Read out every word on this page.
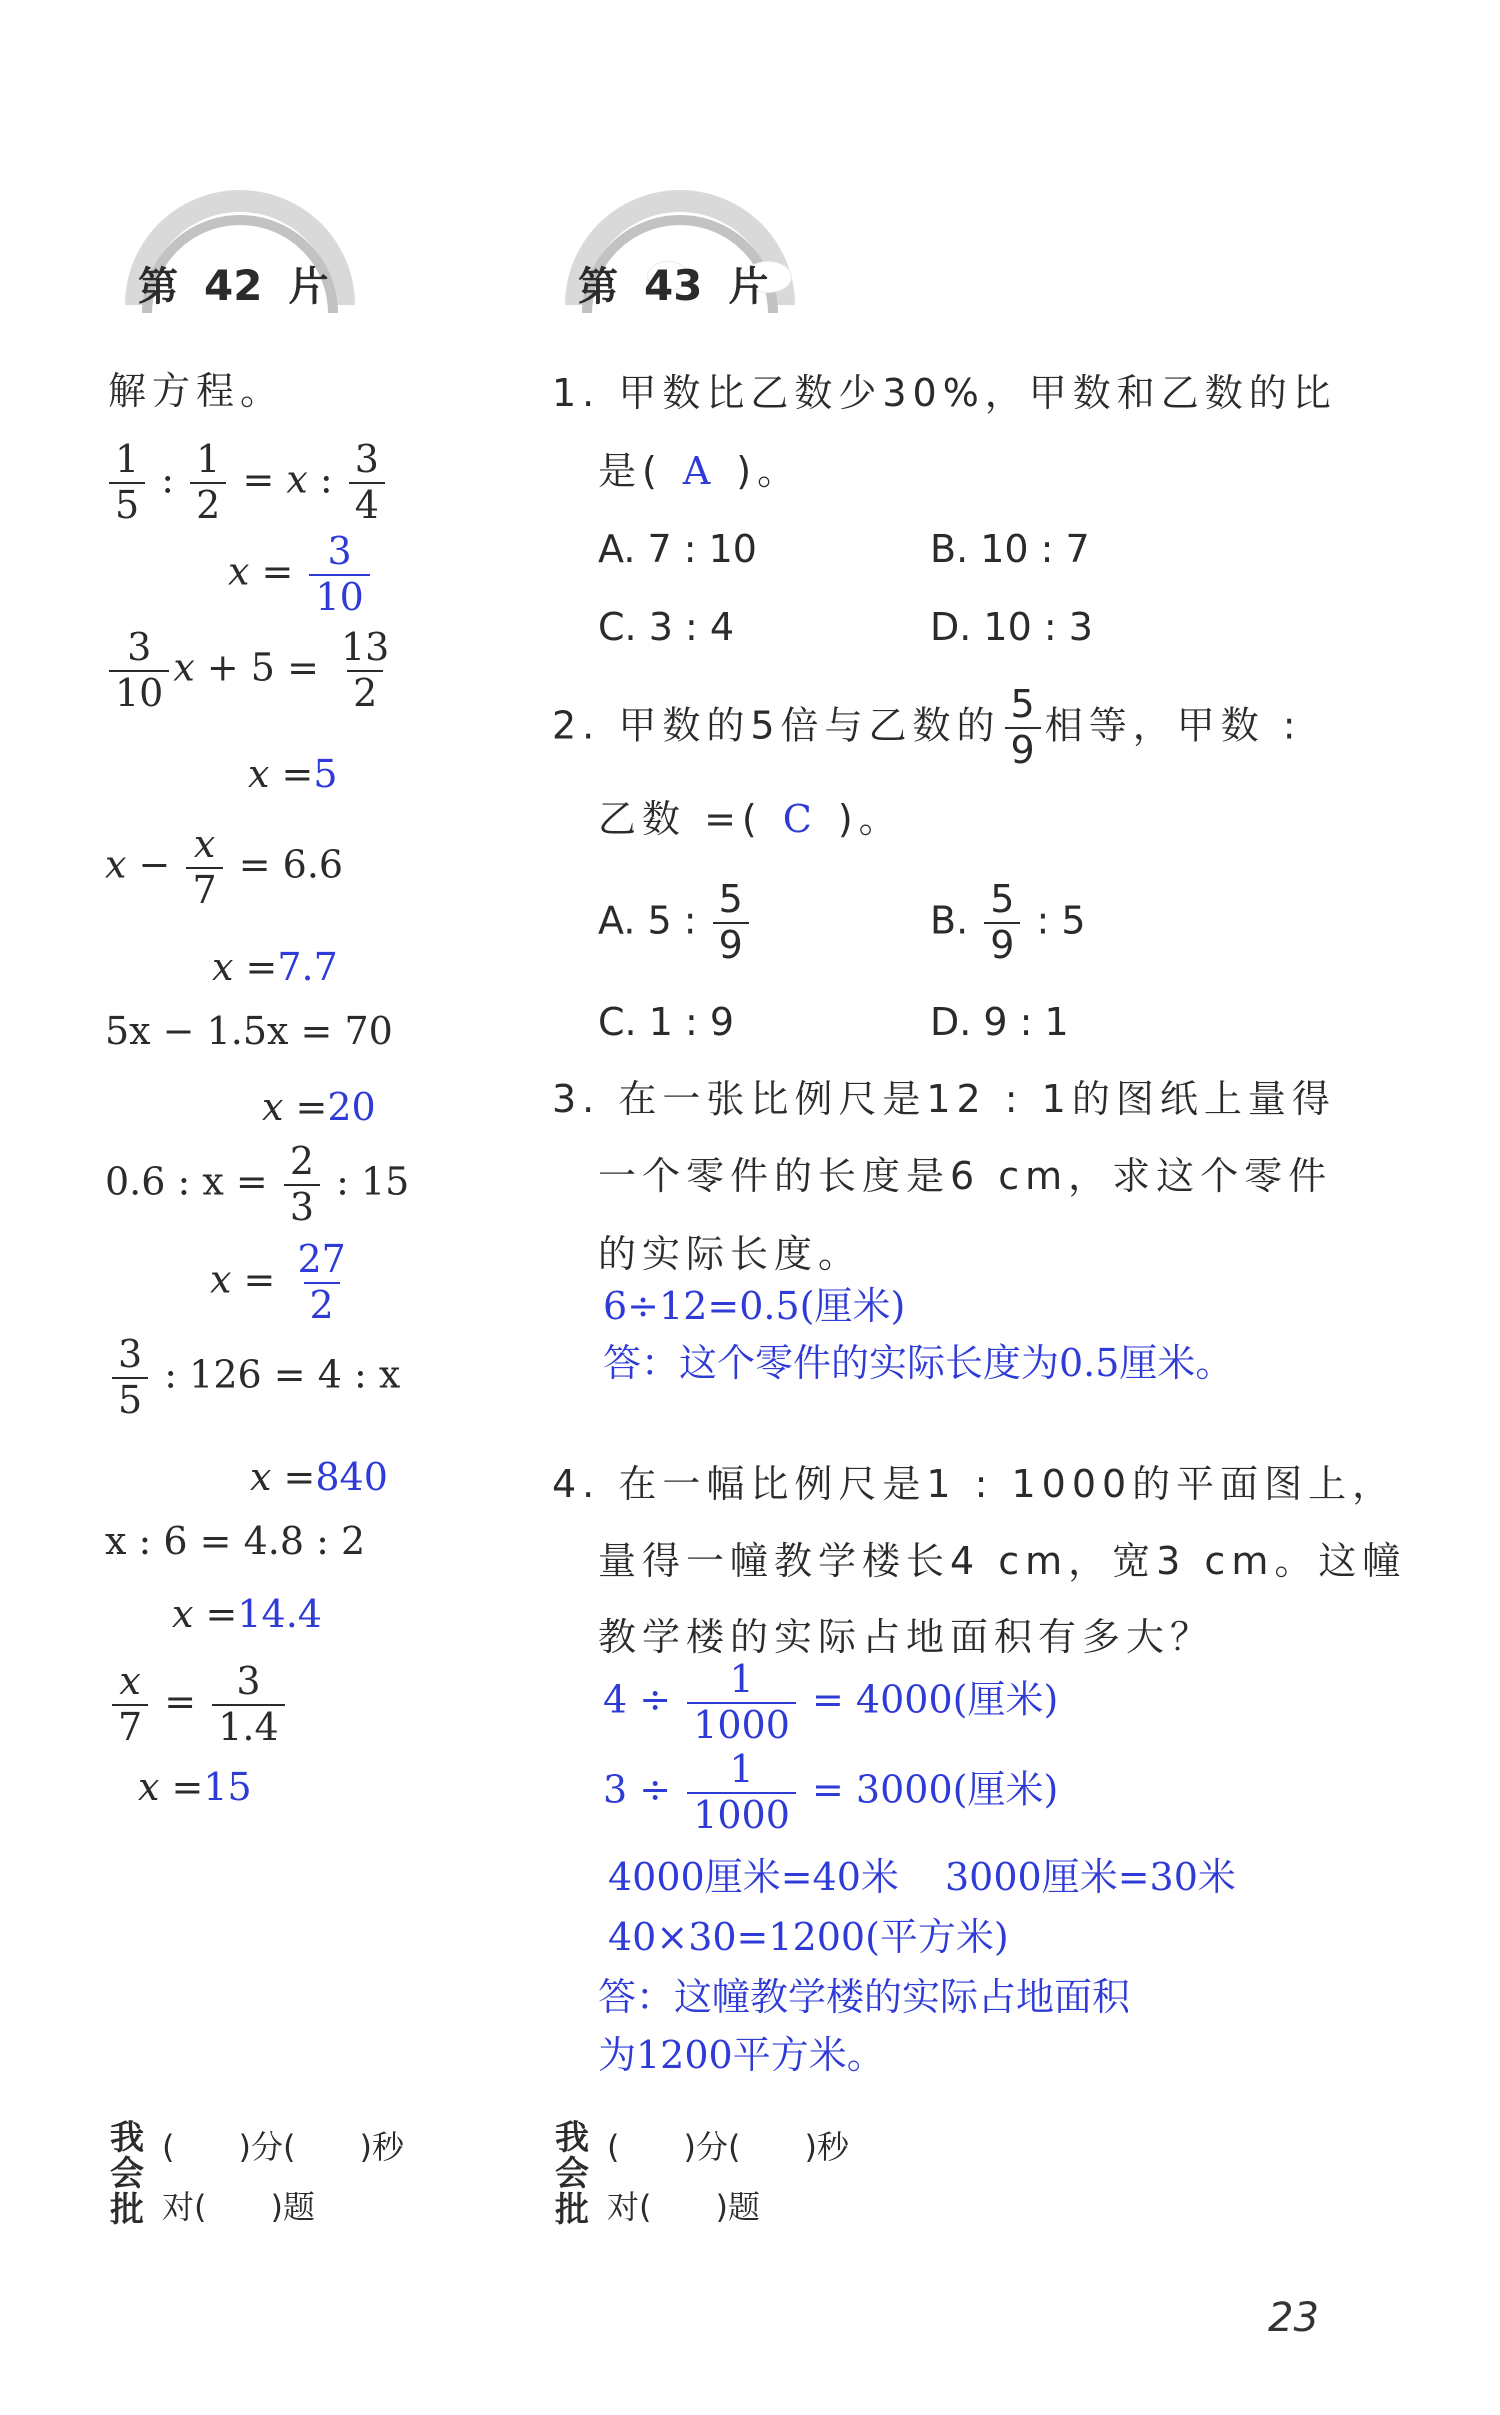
第 42 片	第 43 片
解方程。
$\frac{1}{5}$ : $\frac{1}{2} = x$ : $\frac{3}{4}$
$x = \frac{3}{10}$
$\frac{3}{10}$ $x + 5 = \frac{13}{2}$
x =5
$x - \frac{x}{7} = 6.6$
x =7.7
5x − 1.5x = 70
x =20
0.6 : $x = \frac{2}{3}$ : 15
$x = \frac{27}{2}$
$\frac{3}{5}$ : 126 = 4 : x
x =840
x : 6 = 4.8 : 2
x =14.4
$\frac{x}{7} = \frac{3}{1.4}$
x =15
1. 甲数比乙数少30%，甲数和乙数的比
是( A )。
A. 7 : 10	B. 10 : 7
C. 3 : 4	D. 10 : 3
2. 甲数的5倍与乙数的 $\frac{5}{9}$ 相等，甲数 :
乙数 =( C )。
A. 5 : $\frac{5}{9}$	B. $\frac{5}{9}$ : 5
C. 1 : 9	D. 9 : 1
3. 在一张比例尺是12 : 1的图纸上量得
一个零件的长度是6 cm，求这个零件
的实际长度。
6÷12=0.5(厘米)
答：这个零件的实际长度为0.5厘米。
4. 在一幅比例尺是1 : 1000的平面图上，
量得一幢教学楼长4 cm，宽3 cm。这幢
教学楼的实际占地面积有多大？
$4 \div \frac{1}{1000} = 4000$(厘米)
$3 \div \frac{1}{1000} = 3000$(厘米)
4000厘米=40米 3000厘米=30米
40×30=1200(平方米)
答：这幢教学楼的实际占地面积
为1200平方米。
我
会
批
(　　)分(　　)秒
对(　　)题
我
会
批
(　　)分(　　)秒
对(　　)题
23
